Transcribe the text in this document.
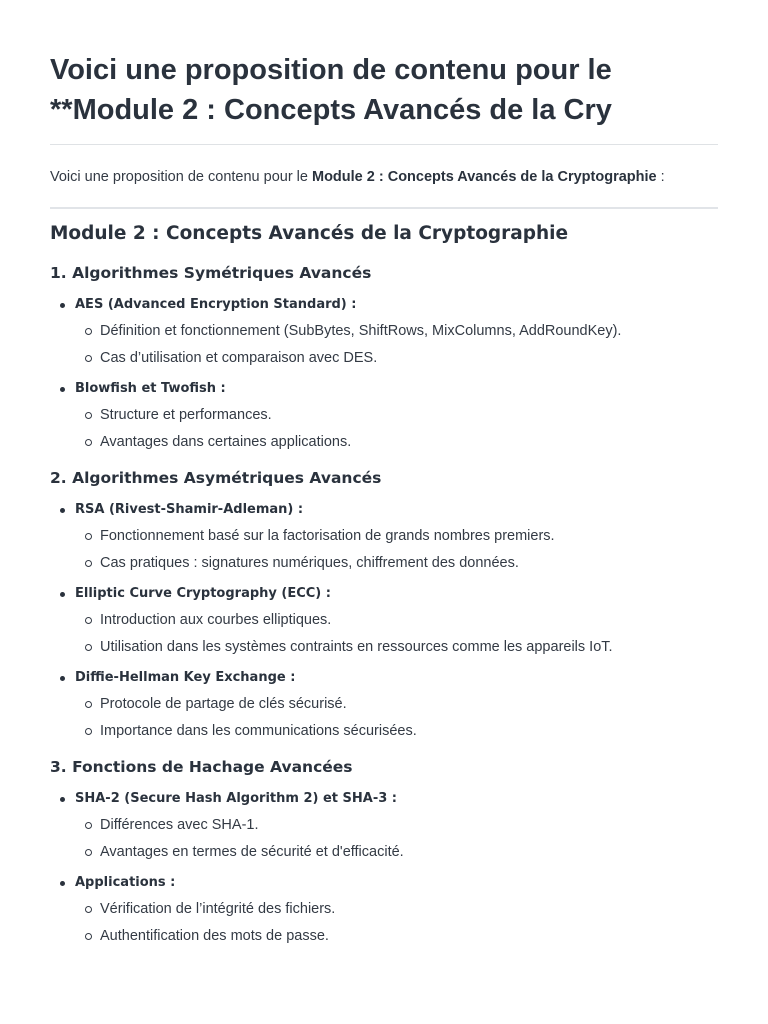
Voici une proposition de contenu pour le
**Module 2 : Concepts Avancés de la Cry

Voici une proposition de contenu pour le Module 2 : Concepts Avancés de la Cryptographie :

Module 2 : Concepts Avancés de la Cryptographie
1. Algorithmes Symétriques Avancés
AES (Advanced Encryption Standard) :
Définition et fonctionnement (SubBytes, ShiftRows, MixColumns, AddRoundKey).
Cas d’utilisation et comparaison avec DES.
Blowfish et Twofish :
Structure et performances.
Avantages dans certaines applications.
2. Algorithmes Asymétriques Avancés
RSA (Rivest-Shamir-Adleman) :
Fonctionnement basé sur la factorisation de grands nombres premiers.
Cas pratiques : signatures numériques, chiffrement des données.
Elliptic Curve Cryptography (ECC) :
Introduction aux courbes elliptiques.
Utilisation dans les systèmes contraints en ressources comme les appareils IoT.
Diffie-Hellman Key Exchange :
Protocole de partage de clés sécurisé.
Importance dans les communications sécurisées.
3. Fonctions de Hachage Avancées
SHA-2 (Secure Hash Algorithm 2) et SHA-3 :
Différences avec SHA-1.
Avantages en termes de sécurité et d'efficacité.
Applications :
Vérification de l’intégrité des fichiers.
Authentification des mots de passe.
